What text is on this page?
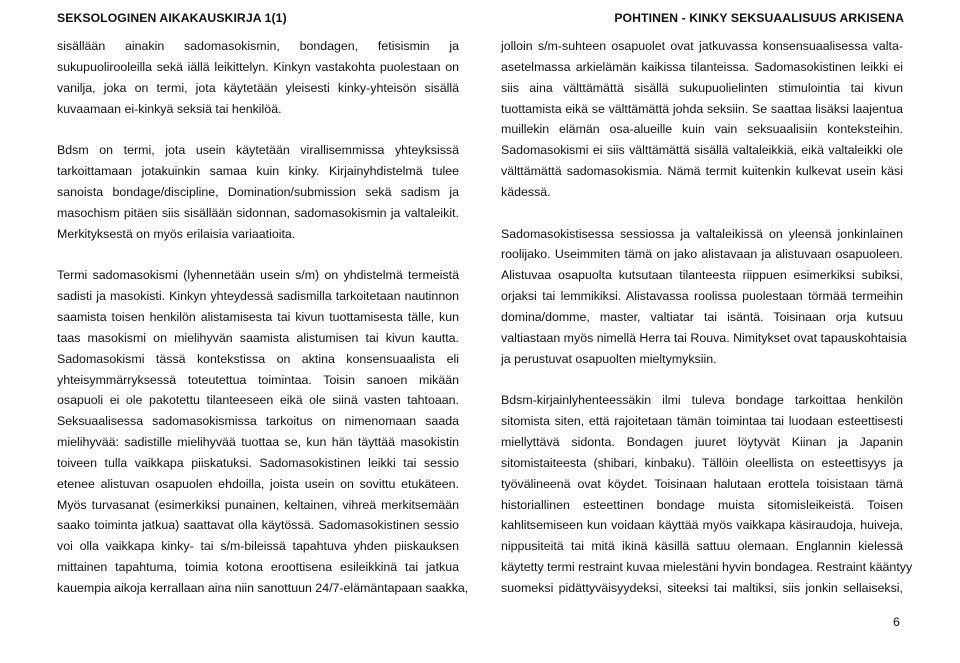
SEKSOLOGINEN AIKAKAUSKIRJA 1(1)	POHTINEN - KINKY SEKSUAALISUUS ARKISENA

sisällään ainakin sadomasokismin, bondagen, fetisismin ja
sukupuolirooleilla sekä iällä leikittelyn. Kinkyn vastakohta puolestaan on
vanilja, joka on termi, jota käytetään yleisesti kinky-yhteisön sisällä
kuvaamaan ei-kinkyä seksiä tai henkilöä.

Bdsm on termi, jota usein käytetään virallisemmissa yhteyksissä
tarkoittamaan jotakuinkin samaa kuin kinky. Kirjainyhdistelmä tulee
sanoista bondage/discipline, Domination/submission sekä sadism ja
masochism pitäen siis sisällään sidonnan, sadomasokismin ja valtaleikit.
Merkityksestä on myös erilaisia variaatioita.

Termi sadomasokismi (lyhennetään usein s/m) on yhdistelmä termeistä
sadisti ja masokisti. Kinkyn yhteydessä sadismilla tarkoitetaan nautinnon
saamista toisen henkilön alistamisesta tai kivun tuottamisesta tälle, kun
taas masokismi on mielihyvän saamista alistumisen tai kivun kautta.
Sadomasokismi tässä kontekstissa on aktina konsensuaalista eli
yhteisymmärryksessä toteutettua toimintaa. Toisin sanoen mikään
osapuoli ei ole pakotettu tilanteeseen eikä ole siinä vasten tahtoaan.
Seksuaalisessa sadomasokismissa tarkoitus on nimenomaan saada
mielihyvää: sadistille mielihyvää tuottaa se, kun hän täyttää masokistin
toiveen tulla vaikkapa piiskatuksi. Sadomasokistinen leikki tai sessio
etenee alistuvan osapuolen ehdoilla, joista usein on sovittu etukäteen.
Myös turvasanat (esimerkiksi punainen, keltainen, vihreä merkitsemään
saako toiminta jatkua) saattavat olla käytössä. Sadomasokistinen sessio
voi olla vaikkapa kinky- tai s/m-bileissä tapahtuva yhden piiskauksen
mittainen tapahtuma, toimia kotona eroottisena esileikkinä tai jatkua
kauempia aikoja kerrallaan aina niin sanottuun 24/7-elämäntapaan saakka,

jolloin s/m-suhteen osapuolet ovat jatkuvassa konsensuaalisessa valta-
asetelmassa arkielämän kaikissa tilanteissa. Sadomasokistinen leikki ei
siis aina välttämättä sisällä sukupuolielinten stimulointia tai kivun
tuottamista eikä se välttämättä johda seksiin. Se saattaa lisäksi laajentua
muillekin elämän osa-alueille kuin vain seksuaalisiin konteksteihin.
Sadomasokismi ei siis välttämättä sisällä valtaleikkiä, eikä valtaleikki ole
välttämättä sadomasokismia. Nämä termit kuitenkin kulkevat usein käsi
kädessä.

Sadomasokistisessa sessiossa ja valtaleikissä on yleensä jonkinlainen
roolijako. Useimmiten tämä on jako alistavaan ja alistuvaan osapuoleen.
Alistuvaa osapuolta kutsutaan tilanteesta riippuen esimerkiksi subiksi,
orjaksi tai lemmikiksi. Alistavassa roolissa puolestaan törmää termeihin
domina/domme, master, valtiatar tai isäntä. Toisinaan orja kutsuu
valtiastaan myös nimellä Herra tai Rouva. Nimitykset ovat tapauskohtaisia
ja perustuvat osapuolten mieltymyksiin.

Bdsm-kirjainlyhenteessäkin ilmi tuleva bondage tarkoittaa henkilön
sitomista siten, että rajoitetaan tämän toimintaa tai luodaan esteettisesti
miellyttävä sidonta. Bondagen juuret löytyvät Kiinan ja Japanin
sitomistaiteesta (shibari, kinbaku). Tällöin oleellista on esteettisyys ja
työvälineenä ovat köydet. Toisinaan halutaan erottela toisistaan tämä
historiallinen esteettinen bondage muista sitomisleikeistä. Toisen
kahlitsemiseen kun voidaan käyttää myös vaikkapa käsiraudoja, huiveja,
nippusiteitä tai mitä ikinä käsillä sattuu olemaan. Englannin kielessä
käytetty termi restraint kuvaa mielestäni hyvin bondagea. Restraint kääntyy
suomeksi pidättyväisyydeksi, siteeksi tai maltiksi, siis jonkin sellaiseksi,

6
